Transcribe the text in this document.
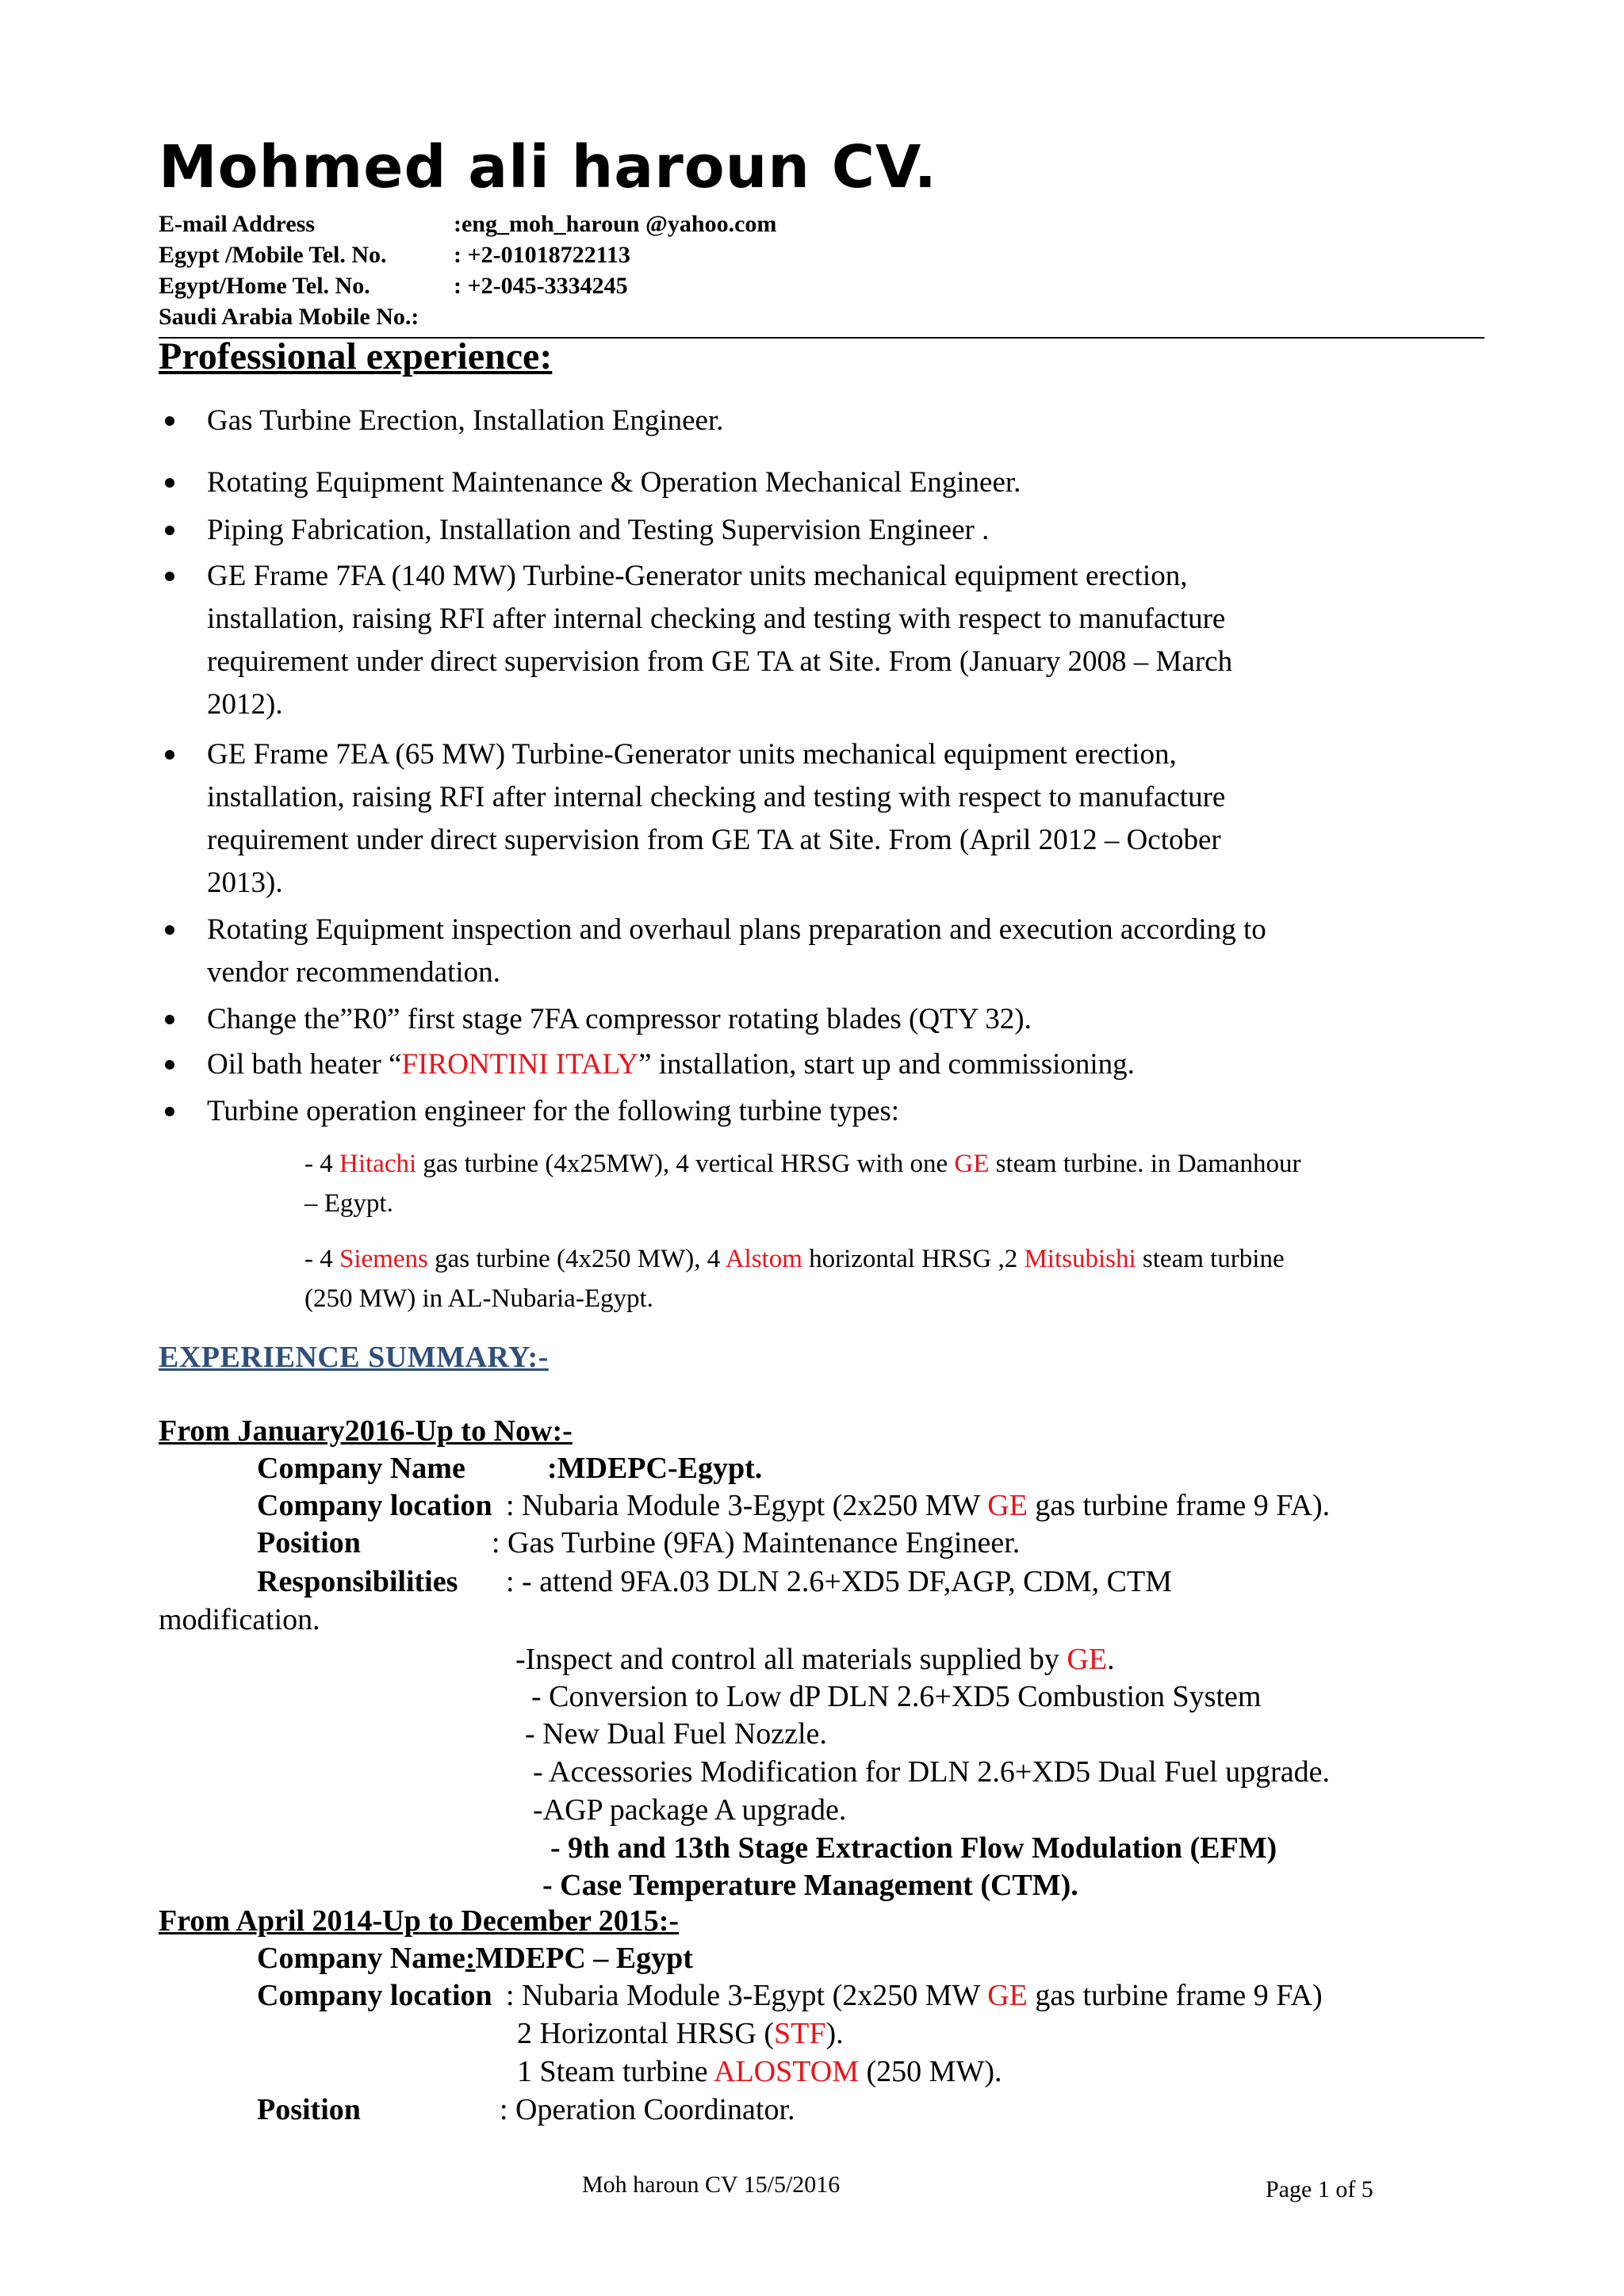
Mohmed ali haroun CV.
E-mail Address	:eng_moh_haroun @yahoo.com
Egypt /Mobile Tel. No.	: +2-01018722113
Egypt/Home Tel. No.	: +2-045-3334245
Saudi Arabia Mobile No.:
Professional experience:
Gas Turbine Erection, Installation Engineer.
Rotating Equipment Maintenance & Operation Mechanical Engineer.
Piping Fabrication, Installation and Testing Supervision Engineer .
GE Frame 7FA (140 MW) Turbine-Generator units mechanical equipment erection,
installation, raising RFI after internal checking and testing with respect to manufacture
requirement under direct supervision from GE TA at Site. From (January 2008 – March
2012).
GE Frame 7EA (65 MW) Turbine-Generator units mechanical equipment erection,
installation, raising RFI after internal checking and testing with respect to manufacture
requirement under direct supervision from GE TA at Site. From (April 2012 – October
2013).
Rotating Equipment inspection and overhaul plans preparation and execution according to
vendor recommendation.
Change the”R0” first stage 7FA compressor rotating blades (QTY 32).
Oil bath heater “FIRONTINI ITALY” installation, start up and commissioning.
Turbine operation engineer for the following turbine types:
- 4 Hitachi gas turbine (4x25MW), 4 vertical HRSG with one GE steam turbine. in Damanhour
– Egypt.
- 4 Siemens gas turbine (4x250 MW), 4 Alstom horizontal HRSG ,2 Mitsubishi steam turbine
(250 MW) in AL-Nubaria-Egypt.
EXPERIENCE SUMMARY:-
From January2016-Up to Now:-
Company Name	:MDEPC-Egypt.
Company location : Nubaria Module 3-Egypt (2x250 MW GE gas turbine frame 9 FA).
Position	: Gas Turbine (9FA) Maintenance Engineer.
Responsibilities : - attend 9FA.03 DLN 2.6+XD5 DF,AGP, CDM, CTM
modification.
-Inspect and control all materials supplied by GE.
- Conversion to Low dP DLN 2.6+XD5 Combustion System
- New Dual Fuel Nozzle.
- Accessories Modification for DLN 2.6+XD5 Dual Fuel upgrade.
-AGP package A upgrade.
- 9th and 13th Stage Extraction Flow Modulation (EFM)
- Case Temperature Management (CTM).
From April 2014-Up to December 2015:-
Company Name:MDEPC – Egypt
Company location : Nubaria Module 3-Egypt (2x250 MW GE gas turbine frame 9 FA)
2 Horizontal HRSG (STF).
1 Steam turbine ALOSTOM (250 MW).
Position	: Operation Coordinator.
Moh haroun CV 15/5/2016	Page 1 of 5
